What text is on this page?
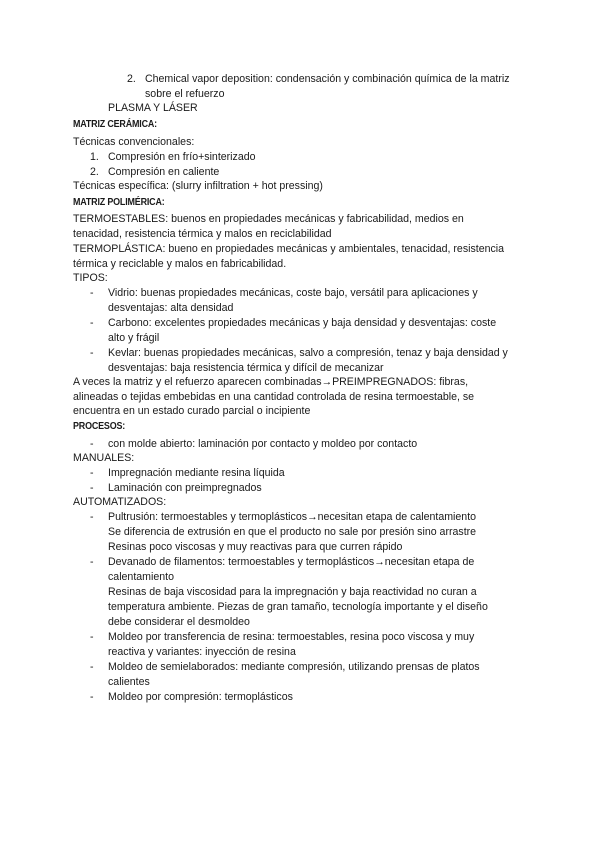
2. Chemical vapor deposition: condensación y combinación química de la matriz
sobre el refuerzo
PLASMA Y LÁSER
MATRIZ CERÁMICA:
Técnicas convencionales:
1. Compresión en frío+sinterizado
2. Compresión en caliente
Técnicas específica: (slurry infiltration + hot pressing)
MATRIZ POLIMÉRICA:
TERMOESTABLES: buenos en propiedades mecánicas y fabricabilidad, medios en
tenacidad, resistencia térmica y malos en reciclabilidad
TERMOPLÁSTICA: bueno en propiedades mecánicas y ambientales, tenacidad, resistencia
térmica y reciclable y malos en fabricabilidad.
TIPOS:
- Vidrio: buenas propiedades mecánicas, coste bajo, versátil para aplicaciones y
desventajas: alta densidad
- Carbono: excelentes propiedades mecánicas y baja densidad y desventajas: coste
alto y frágil
- Kevlar: buenas propiedades mecánicas, salvo a compresión, tenaz y baja densidad y
desventajas: baja resistencia térmica y difícil de mecanizar
A veces la matriz y el refuerzo aparecen combinadas→PREIMPREGNADOS: fibras,
alineadas o tejidas embebidas en una cantidad controlada de resina termoestable, se
encuentra en un estado curado parcial o incipiente
PROCESOS:
- con molde abierto: laminación por contacto y moldeo por contacto
MANUALES:
- Impregnación mediante resina líquida
- Laminación con preimpregnados
AUTOMATIZADOS:
- Pultrusión: termoestables y termoplásticos→necesitan etapa de calentamiento
Se diferencia de extrusión en que el producto no sale por presión sino arrastre
Resinas poco viscosas y muy reactivas para que curren rápido
- Devanado de filamentos: termoestables y termoplásticos→necesitan etapa de
calentamiento
Resinas de baja viscosidad para la impregnación y baja reactividad no curan a
temperatura ambiente. Piezas de gran tamaño, tecnología importante y el diseño
debe considerar el desmoldeo
- Moldeo por transferencia de resina: termoestables, resina poco viscosa y muy
reactiva y variantes: inyección de resina
- Moldeo de semielaborados: mediante compresión, utilizando prensas de platos
calientes
- Moldeo por compresión: termoplásticos
